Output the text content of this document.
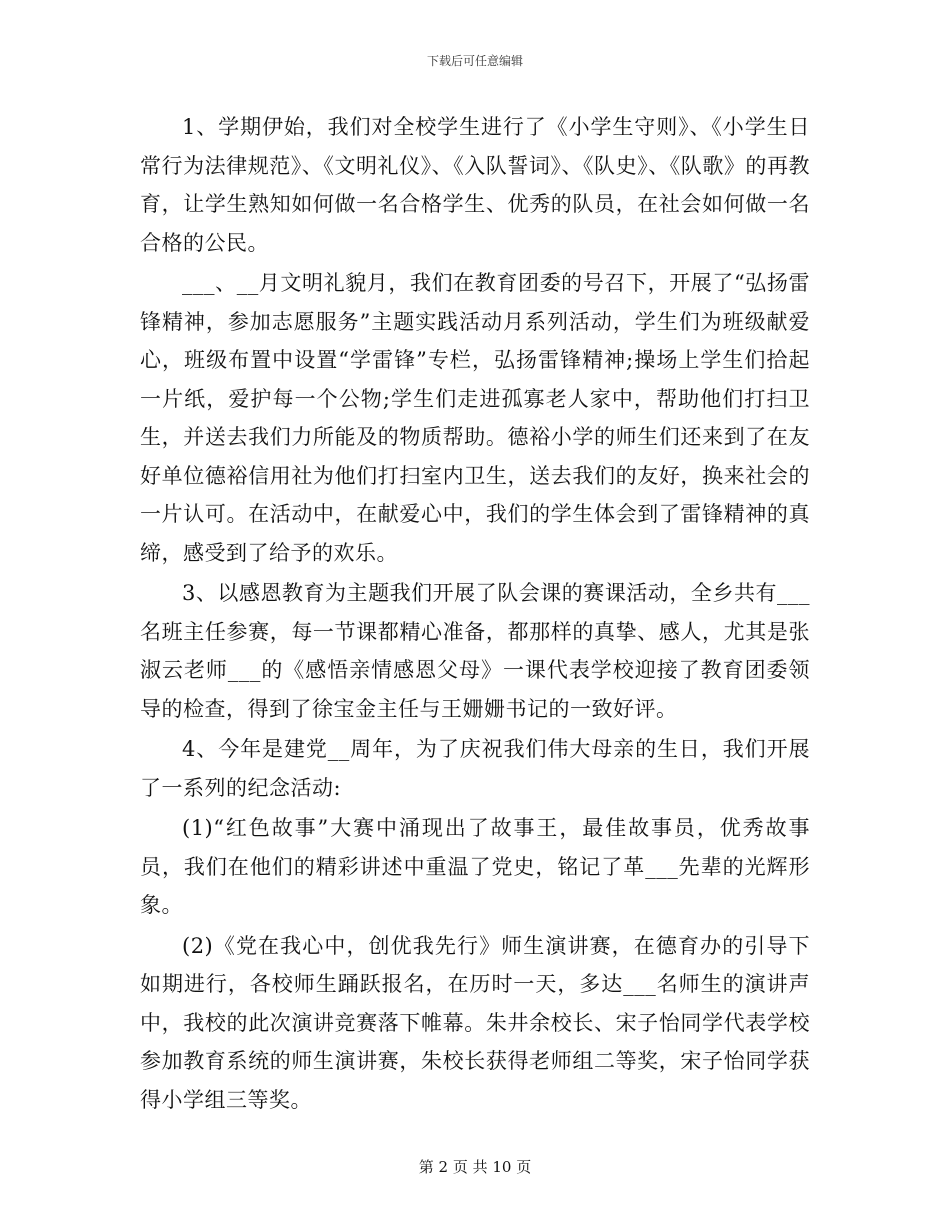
下载后可任意编辑

1、学期伊始，我们对全校学生进行了《小学生守则》、《小学生日常行为法律规范》、《文明礼仪》、《入队誓词》、《队史》、《队歌》的再教育，让学生熟知如何做一名合格学生、优秀的队员，在社会如何做一名合格的公民。

___、__月文明礼貌月，我们在教育团委的号召下，开展了“弘扬雷锋精神，参加志愿服务”主题实践活动月系列活动，学生们为班级献爱心，班级布置中设置“学雷锋”专栏，弘扬雷锋精神;操场上学生们拾起一片纸，爱护每一个公物;学生们走进孤寡老人家中，帮助他们打扫卫生，并送去我们力所能及的物质帮助。德裕小学的师生们还来到了在友好单位德裕信用社为他们打扫室内卫生，送去我们的友好，换来社会的一片认可。在活动中，在献爱心中，我们的学生体会到了雷锋精神的真缔，感受到了给予的欢乐。

3、以感恩教育为主题我们开展了队会课的赛课活动，全乡共有___名班主任参赛，每一节课都精心准备，都那样的真挚、感人，尤其是张淑云老师___的《感悟亲情感恩父母》一课代表学校迎接了教育团委领导的检查，得到了徐宝金主任与王姗姗书记的一致好评。

4、今年是建党__周年，为了庆祝我们伟大母亲的生日，我们开展了一系列的纪念活动:

(1)“红色故事”大赛中涌现出了故事王，最佳故事员，优秀故事员，我们在他们的精彩讲述中重温了党史，铭记了革___先辈的光辉形象。

(2)《党在我心中，创优我先行》师生演讲赛，在德育办的引导下如期进行，各校师生踊跃报名，在历时一天，多达___名师生的演讲声中，我校的此次演讲竞赛落下帷幕。朱井余校长、宋子怡同学代表学校参加教育系统的师生演讲赛，朱校长获得老师组二等奖，宋子怡同学获得小学组三等奖。

第 2 页 共 10 页
